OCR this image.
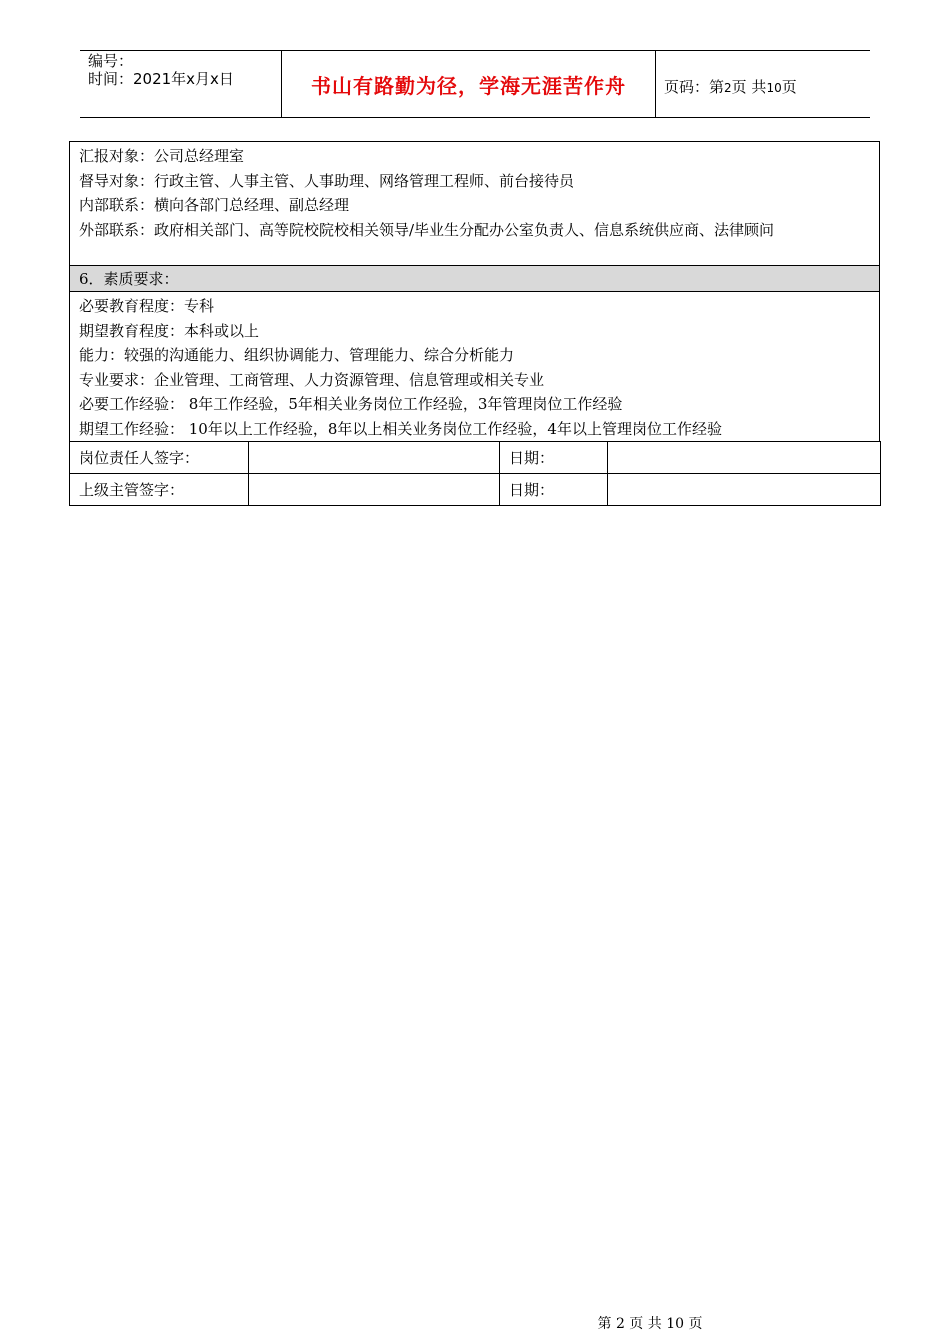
编号：
时间：2021年x月x日	书山有路勤为径，学海无涯苦作舟	页码：第2页 共10页
汇报对象：公司总经理室
督导对象：行政主管、人事主管、人事助理、网络管理工程师、前台接待员
内部联系：横向各部门总经理、副总经理
外部联系：政府相关部门、高等院校院校相关领导/毕业生分配办公室负责人、信息系统供应商、法律顾问
6．素质要求：
必要教育程度：专科
期望教育程度：本科或以上
能力：较强的沟通能力、组织协调能力、管理能力、综合分析能力
专业要求：企业管理、工商管理、人力资源管理、信息管理或相关专业
必要工作经验： 8年工作经验，5年相关业务岗位工作经验，3年管理岗位工作经验
期望工作经验： 10年以上工作经验，8年以上相关业务岗位工作经验，4年以上管理岗位工作经验
岗位责任人签字：		日期：	
上级主管签字：		日期：	
第 2 页 共 10 页
